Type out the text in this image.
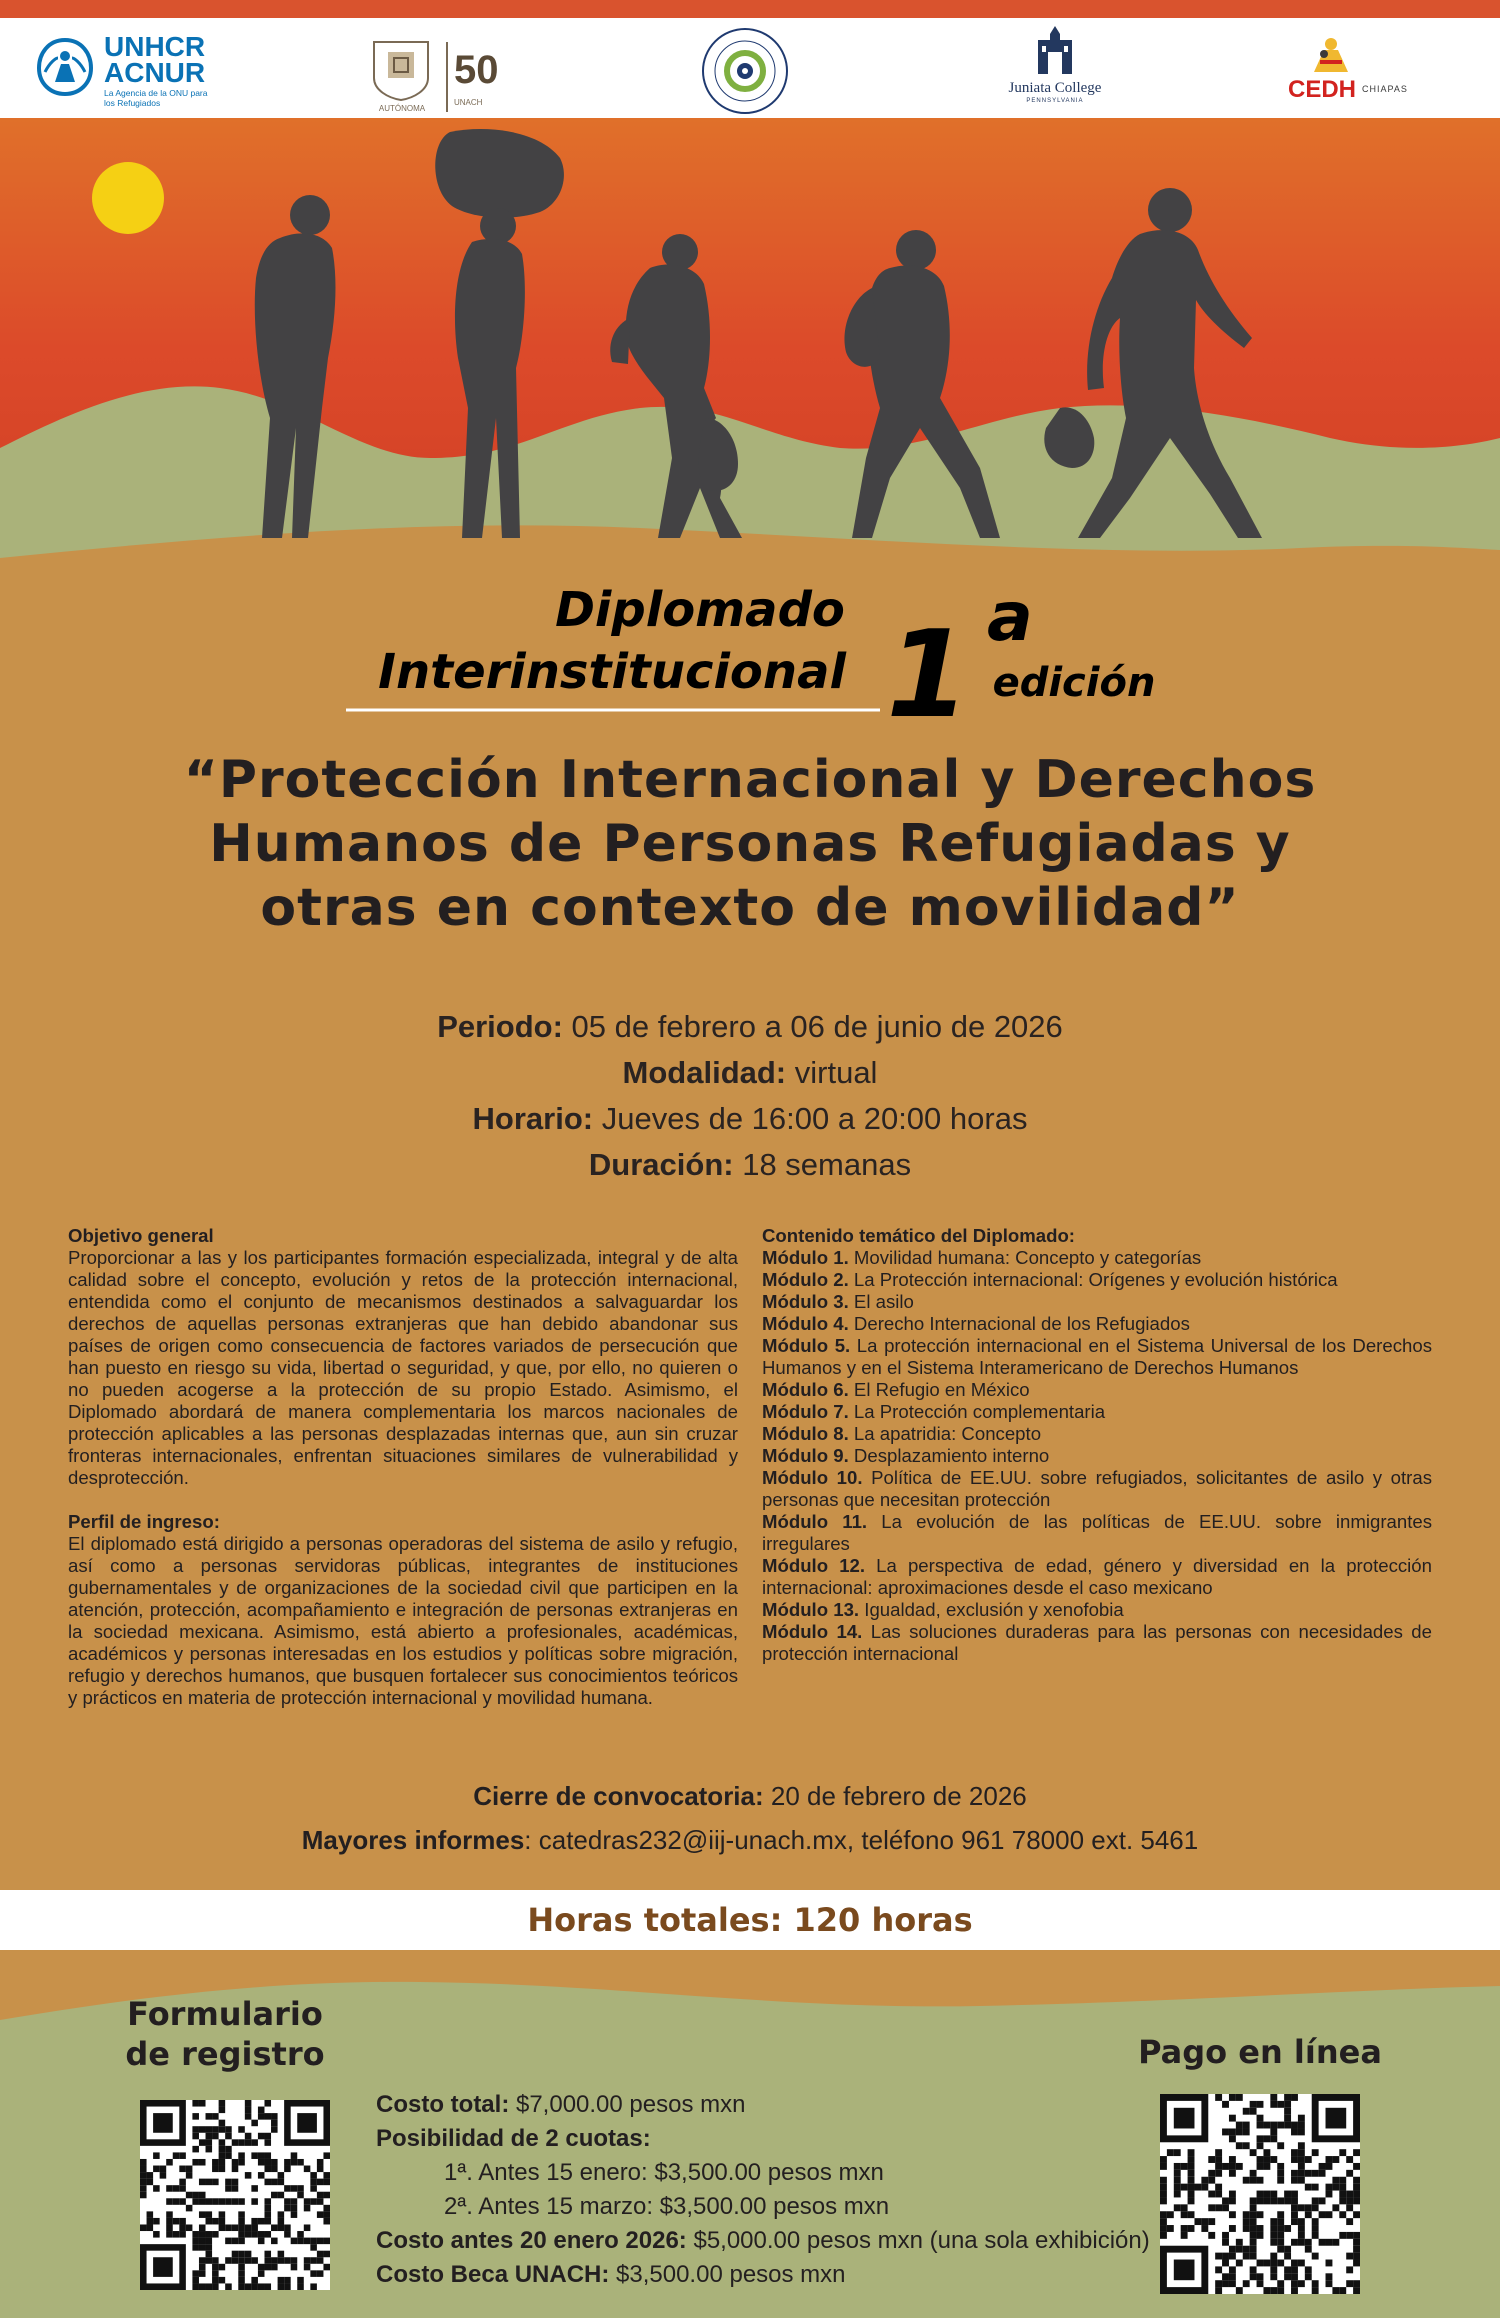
UNHCR
ACNUR
La Agencia de la ONU para los Refugiados
AUTÓNOMA
50
UNACH
Juniata College
PENNSYLVANIA	CEDH CHIAPAS
Diplomado
Interinstitucional 1 a
edición
“Protección Internacional y Derechos
Humanos de Personas Refugiadas y
otras en contexto de movilidad”
Periodo: 05 de febrero a 06 de junio de 2026
Modalidad: virtual
Horario: Jueves de 16:00 a 20:00 horas
Duración: 18 semanas
Objetivo general

Proporcionar a las y los participantes formación especializada, integral y de alta calidad sobre el concepto, evolución y retos de la protección internacional, entendida como el conjunto de mecanismos destinados a salvaguardar los derechos de aquellas personas extranjeras que han debido abandonar sus países de origen como consecuencia de factores variados de persecución que han puesto en riesgo su vida, libertad o seguridad, y que, por ello, no quieren o no pueden acogerse a la protección de su propio Estado. Asimismo, el Diplomado abordará de manera complementaria los marcos nacionales de protección aplicables a las personas desplazadas internas que, aun sin cruzar fronteras internacionales, enfrentan situaciones similares de vulnerabilidad y desprotección.

Perfil de ingreso:

El diplomado está dirigido a personas operadoras del sistema de asilo y refugio, así como a personas servidoras públicas, integrantes de instituciones gubernamentales y de organizaciones de la sociedad civil que participen en la atención, protección, acompañamiento e integración de personas extranjeras en la sociedad mexicana. Asimismo, está abierto a profesionales, académicas, académicos y personas interesadas en los estudios y políticas sobre migración, refugio y derechos humanos, que busquen fortalecer sus conocimientos teóricos y prácticos en materia de protección internacional y movilidad humana.

Contenido temático del Diplomado:
Módulo 1. Movilidad humana: Concepto y categorías
Módulo 2. La Protección internacional: Orígenes y evolución histórica
Módulo 3. El asilo
Módulo 4. Derecho Internacional de los Refugiados
Módulo 5. La protección internacional en el Sistema Universal de los Derechos Humanos y en el Sistema Interamericano de Derechos Humanos
Módulo 6. El Refugio en México
Módulo 7. La Protección complementaria
Módulo 8. La apatridia: Concepto
Módulo 9. Desplazamiento interno
Módulo 10. Política de EE.UU. sobre refugiados, solicitantes de asilo y otras personas que necesitan protección
Módulo 11. La evolución de las políticas de EE.UU. sobre inmigrantes irregulares
Módulo 12. La perspectiva de edad, género y diversidad en la protección internacional: aproximaciones desde el caso mexicano
Módulo 13. Igualdad, exclusión y xenofobia
Módulo 14. Las soluciones duraderas para las personas con necesidades de protección internacional
Cierre de convocatoria: 20 de febrero de 2026
Mayores informes: catedras232@iij-unach.mx, teléfono 961 78000 ext. 5461
Horas totales: 120 horas
Formulario
de registro	Pago en línea
Costo total: $7,000.00 pesos mxn
Posibilidad de 2 cuotas:
1ª. Antes 15 enero: $3,500.00 pesos mxn
2ª. Antes 15 marzo: $3,500.00 pesos mxn
Costo antes 20 enero 2026: $5,000.00 pesos mxn (una sola exhibición)
Costo Beca UNACH: $3,500.00 pesos mxn
